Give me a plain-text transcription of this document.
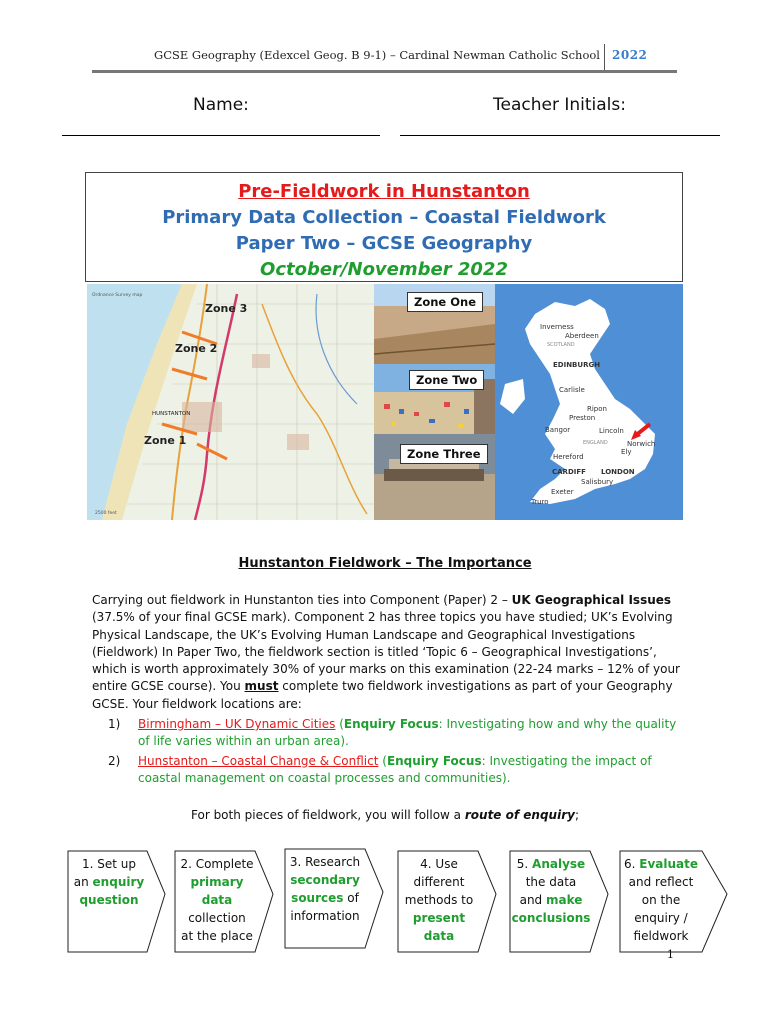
GCSE Geography (Edexcel Geog. B 9-1) – Cardinal Newman Catholic School 2022
Name:	Teacher Initials:
Pre-Fieldwork in Hunstanton
Primary Data Collection – Coastal Fieldwork
Paper Two – GCSE Geography
October/November 2022
Ordnance Survey map
Zone 3
Zone 2
Zone 1
HUNSTANTON
2500 feet
Zone One
Zone Two
Zone Three
Inverness
Aberdeen
SCOTLAND
EDINBURGH
Carlisle
Ripon
Preston
Bangor	Lincoln
Norwich
Ely
ENGLAND
Hereford
CARDIFF LONDON
Salisbury
Exeter
Truro
Hunstanton Fieldwork – The Importance
Carrying out fieldwork in Hunstanton ties into Component (Paper) 2 – UK Geographical Issues (37.5% of your final GCSE mark). Component 2 has three topics you have studied; UK’s Evolving Physical Landscape, the UK’s Evolving Human Landscape and Geographical Investigations (Fieldwork) In Paper Two, the fieldwork section is titled ‘Topic 6 – Geographical Investigations’, which is worth approximately 30% of your marks on this examination (22-24 marks – 12% of your entire GCSE course). You must complete two fieldwork investigations as part of your Geography GCSE. Your fieldwork locations are:
1) Birmingham – UK Dynamic Cities (Enquiry Focus: Investigating how and why the quality of life varies within an urban area).
2) Hunstanton – Coastal Change & Conflict (Enquiry Focus: Investigating the impact of coastal management on coastal processes and communities).
For both pieces of fieldwork, you will follow a route of enquiry;
1. Set up
an enquiry
question
2. Complete
primary
data
collection
at the place
3. Research
secondary
sources of
information
4. Use
different
methods to
present
data
5. Analyse
the data
and make
conclusions
6. Evaluate
and reflect
on the
enquiry /
fieldwork
1
